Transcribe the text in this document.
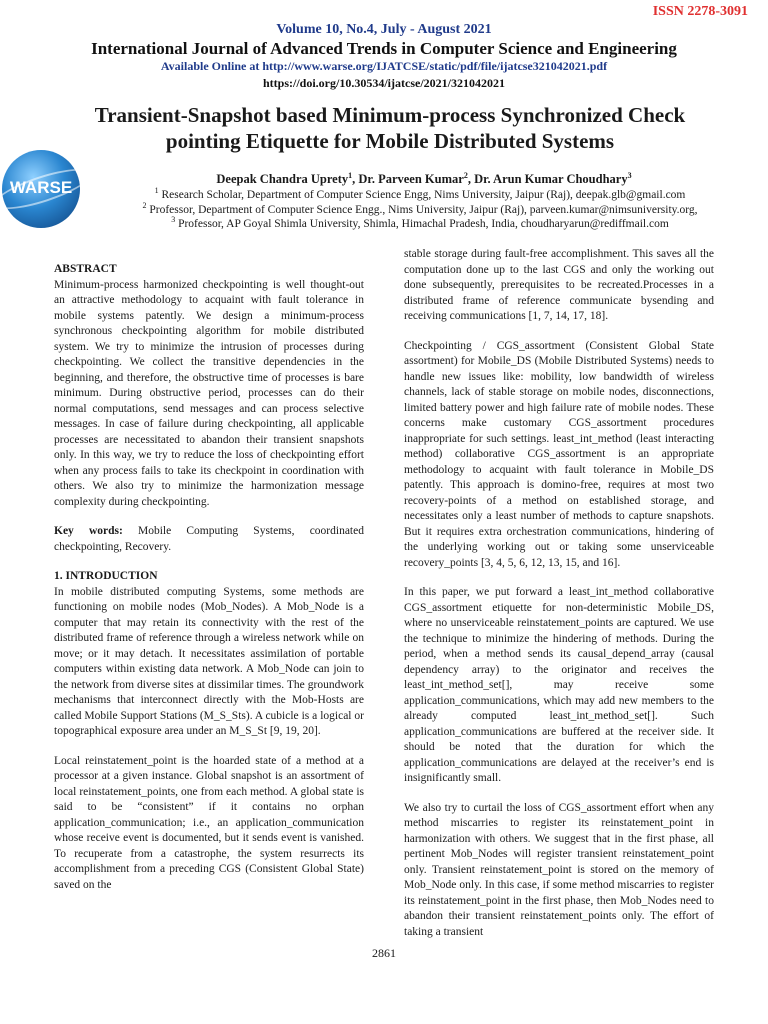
ISSN 2278-3091
Volume 10, No.4, July - August 2021
International Journal of Advanced Trends in Computer Science and Engineering
Available Online at http://www.warse.org/IJATCSE/static/pdf/file/ijatcse321042021.pdf
https://doi.org/10.30534/ijatcse/2021/321042021
Transient-Snapshot based Minimum-process Synchronized Check
pointing Etiquette for Mobile Distributed Systems
WARSE	Deepak Chandra Uprety$^1$, Dr. Parveen Kumar$^2$, Dr. Arun Kumar Choudhary$^3$
$^1$ Research Scholar, Department of Computer Science Engg, Nims University, Jaipur (Raj), deepak.glb@gmail.com
$^2$ Professor, Department of Computer Science Engg., Nims University, Jaipur (Raj), parveen.kumar@nimsuniversity.org,
$^3$ Professor, AP Goyal Shimla University, Shimla, Himachal Pradesh, India, choudharyarun@rediffmail.com
ABSTRACT

Minimum-process harmonized checkpointing is well thought-out an attractive methodology to acquaint with fault tolerance in mobile systems patently. We design a minimum-process synchronous checkpointing algorithm for mobile distributed system. We try to minimize the intrusion of processes during checkpointing. We collect the transitive dependencies in the beginning, and therefore, the obstructive time of processes is bare minimum. During obstructive period, processes can do their normal computations, send messages and can process selective messages. In case of failure during checkpointing, all applicable processes are necessitated to abandon their transient snapshots only. In this way, we try to reduce the loss of checkpointing effort when any process fails to take its checkpoint in coordination with others. We also try to minimize the harmonization message complexity during checkpointing.

Key words: Mobile Computing Systems, coordinated checkpointing, Recovery.

1. INTRODUCTION

In mobile distributed computing Systems, some methods are functioning on mobile nodes (Mob_Nodes). A Mob_Node is a computer that may retain its connectivity with the rest of the distributed frame of reference through a wireless network while on move; or it may detach. It necessitates assimilation of portable computers within existing data network. A Mob_Node can join to the network from diverse sites at dissimilar times. The groundwork mechanisms that interconnect directly with the Mob-Hosts are called Mobile Support Stations (M_S_Sts). A cubicle is a logical or topographical exposure area under an M_S_St [9, 19, 20].

Local reinstatement_point is the hoarded state of a method at a processor at a given instance. Global snapshot is an assortment of local reinstatement_points, one from each method. A global state is said to be “consistent” if it contains no orphan application_communication; i.e., an application_communication whose receive event is documented, but it sends event is vanished. To recuperate from a catastrophe, the system resurrects its accomplishment from a preceding CGS (Consistent Global State) saved on the

stable storage during fault-free accomplishment. This saves all the computation done up to the last CGS and only the working out done subsequently, prerequisites to be recreated.Processes in a distributed frame of reference communicate bysending and receiving communications [1, 7, 14, 17, 18].

Checkpointing / CGS_assortment (Consistent Global State assortment) for Mobile_DS (Mobile Distributed Systems) needs to handle new issues like: mobility, low bandwidth of wireless channels, lack of stable storage on mobile nodes, disconnections, limited battery power and high failure rate of mobile nodes. These concerns make customary CGS_assortment procedures inappropriate for such settings. least_int_method (least interacting method) collaborative CGS_assortment is an appropriate methodology to acquaint with fault tolerance in Mobile_DS patently. This approach is domino-free, requires at most two recovery-points of a method on established storage, and necessitates only a least number of methods to capture snapshots. But it requires extra orchestration communications, hindering of the underlying working out or taking some unserviceable recovery_points [3, 4, 5, 6, 12, 13, 15, and 16].

In this paper, we put forward a least_int_method collaborative CGS_assortment etiquette for non-deterministic Mobile_DS, where no unserviceable reinstatement_points are captured. We use the technique to minimize the hindering of methods. During the period, when a method sends its causal_depend_array (causal dependency array) to the originator and receives the least_int_method_set[], may receive some application_communications, which may add new members to the already computed least_int_method_set[]. Such application_communications are buffered at the receiver side. It should be noted that the duration for which the application_communications are delayed at the receiver’s end is insignificantly small.

We also try to curtail the loss of CGS_assortment effort when any method miscarries to register its reinstatement_point in harmonization with others. We suggest that in the first phase, all pertinent Mob_Nodes will register transient reinstatement_point only. Transient reinstatement_point is stored on the memory of Mob_Node only. In this case, if some method miscarries to register its reinstatement_point in the first phase, then Mob_Nodes need to abandon their transient reinstatement_points only. The effort of taking a transient

2861
